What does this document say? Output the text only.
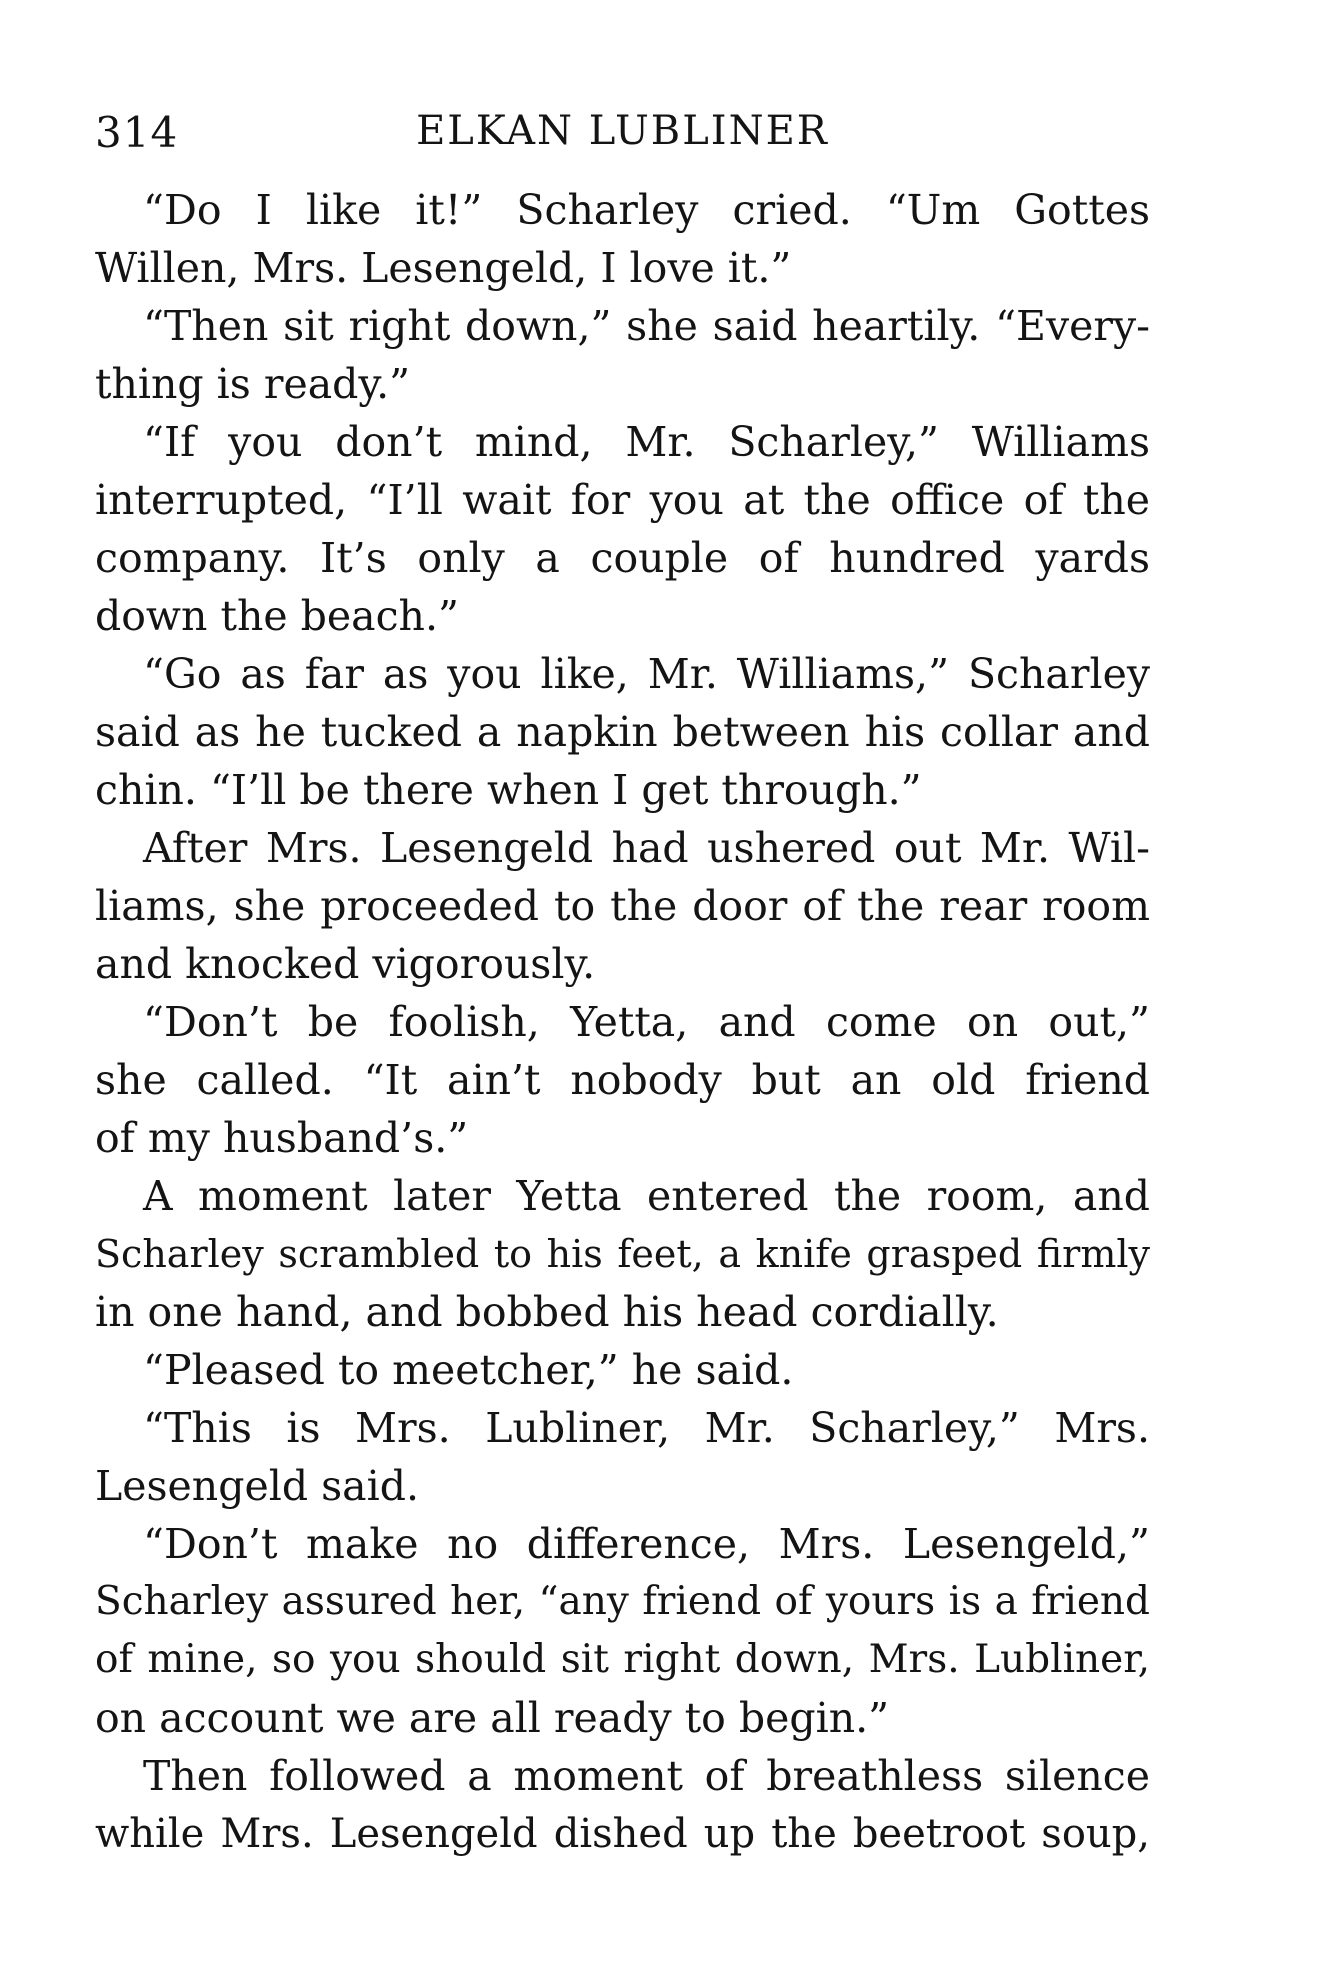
314	ELKAN LUBLINER
“Do I like it!” Scharley cried. “Um Gottes
Willen, Mrs. Lesengeld, I love it.”
“Then sit right down,” she said heartily. “Every-
thing is ready.”
“If you don’t mind, Mr. Scharley,” Williams
interrupted, “I’ll wait for you at the office of the
company. It’s only a couple of hundred yards
down the beach.”
“Go as far as you like, Mr. Williams,” Scharley
said as he tucked a napkin between his collar and
chin. “I’ll be there when I get through.”
After Mrs. Lesengeld had ushered out Mr. Wil-
liams, she proceeded to the door of the rear room
and knocked vigorously.
“Don’t be foolish, Yetta, and come on out,”
she called. “It ain’t nobody but an old friend
of my husband’s.”
A moment later Yetta entered the room, and
Scharley scrambled to his feet, a knife grasped firmly
in one hand, and bobbed his head cordially.
“Pleased to meetcher,” he said.
“This is Mrs. Lubliner, Mr. Scharley,” Mrs.
Lesengeld said.
“Don’t make no difference, Mrs. Lesengeld,”
Scharley assured her, “any friend of yours is a friend
of mine, so you should sit right down, Mrs. Lubliner,
on account we are all ready to begin.”
Then followed a moment of breathless silence
while Mrs. Lesengeld dished up the beetroot soup,
